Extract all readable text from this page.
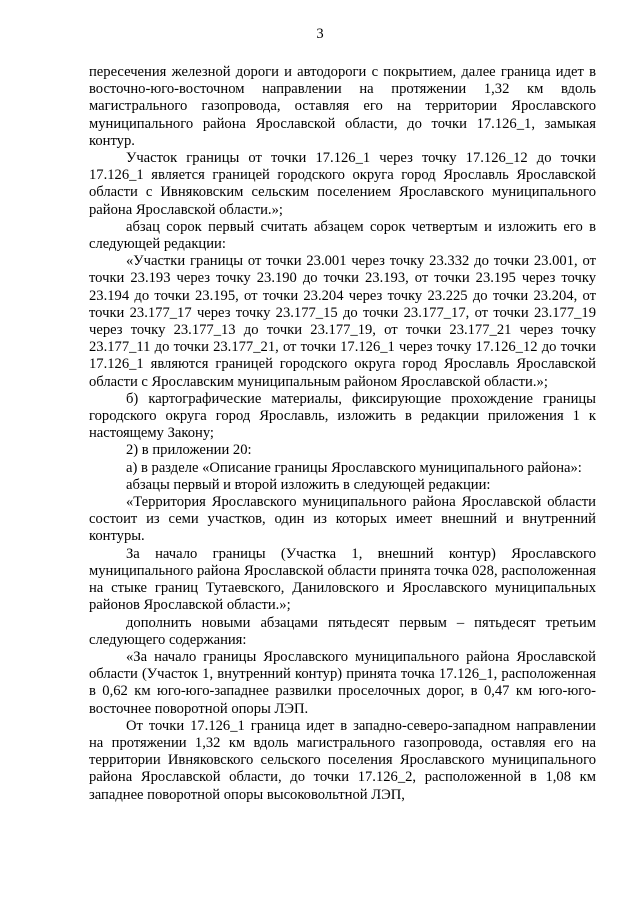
3

пересечения железной дороги и автодороги с покрытием, далее граница идет в восточно-юго-восточном направлении на протяжении 1,32 км вдоль магистрального газопровода, оставляя его на территории Ярославского муниципального района Ярославской области, до точки 17.126_1, замыкая контур.

Участок границы от точки 17.126_1 через точку 17.126_12 до точки 17.126_1 является границей городского округа город Ярославль Ярославской области с Ивняковским сельским поселением Ярославского муниципального района Ярославской области.»;

абзац сорок первый считать абзацем сорок четвертым и изложить его в следующей редакции:

«Участки границы от точки 23.001 через точку 23.332 до точки 23.001, от точки 23.193 через точку 23.190 до точки 23.193, от точки 23.195 через точку 23.194 до точки 23.195, от точки 23.204 через точку 23.225 до точки 23.204, от точки 23.177_17 через точку 23.177_15 до точки 23.177_17, от точки 23.177_19 через точку 23.177_13 до точки 23.177_19, от точки 23.177_21 через точку 23.177_11 до точки 23.177_21, от точки 17.126_1 через точку 17.126_12 до точки 17.126_1 являются границей городского округа город Ярославль Ярославской области с Ярославским муниципальным районом Ярославской области.»;

б) картографические материалы, фиксирующие прохождение границы городского округа город Ярославль, изложить в редакции приложения 1 к настоящему Закону;

2) в приложении 20:

а) в разделе «Описание границы Ярославского муниципального района»:

абзацы первый и второй изложить в следующей редакции:

«Территория Ярославского муниципального района Ярославской области состоит из семи участков, один из которых имеет внешний и внутренний контуры.

За начало границы (Участка 1, внешний контур) Ярославского муниципального района Ярославской области принята точка 028, расположенная на стыке границ Тутаевского, Даниловского и Ярославского муниципальных районов Ярославской области.»;

дополнить новыми абзацами пятьдесят первым – пятьдесят третьим следующего содержания:

«За начало границы Ярославского муниципального района Ярославской области (Участок 1, внутренний контур) принята точка 17.126_1, расположенная в 0,62 км юго-юго-западнее развилки проселочных дорог, в 0,47 км юго-юго-восточнее поворотной опоры ЛЭП.

От точки 17.126_1 граница идет в западно-северо-западном направлении на протяжении 1,32 км вдоль магистрального газопровода, оставляя его на территории Ивняковского сельского поселения Ярославского муниципального района Ярославской области, до точки 17.126_2, расположенной в 1,08 км западнее поворотной опоры высоковольтной ЛЭП,
